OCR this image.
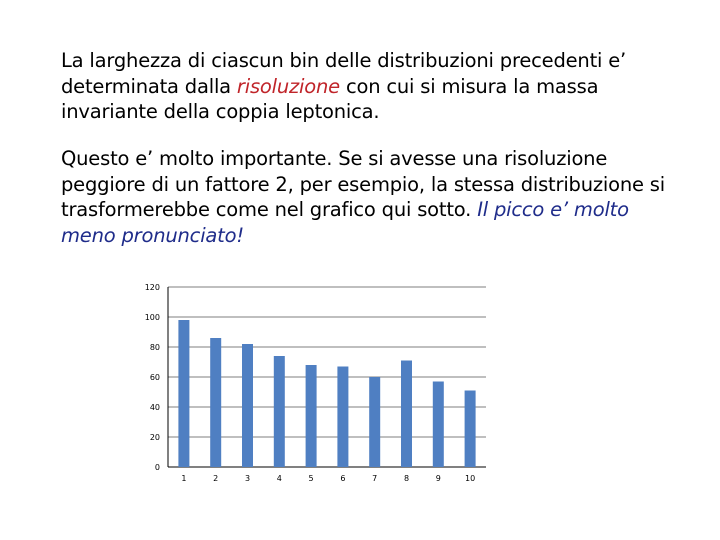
La larghezza di ciascun bin delle distribuzioni precedenti e’ determinata dalla risoluzione con cui si misura la massa invariante della coppia leptonica.

Questo e’ molto importante. Se si avesse una risoluzione peggiore di un fattore 2, per esempio, la stessa distribuzione si trasformerebbe come nel grafico qui sotto. Il picco e’ molto meno pronunciato!

0
20
40
60
80
100
120
1	2	3	4	5	6	7	8	9	10
